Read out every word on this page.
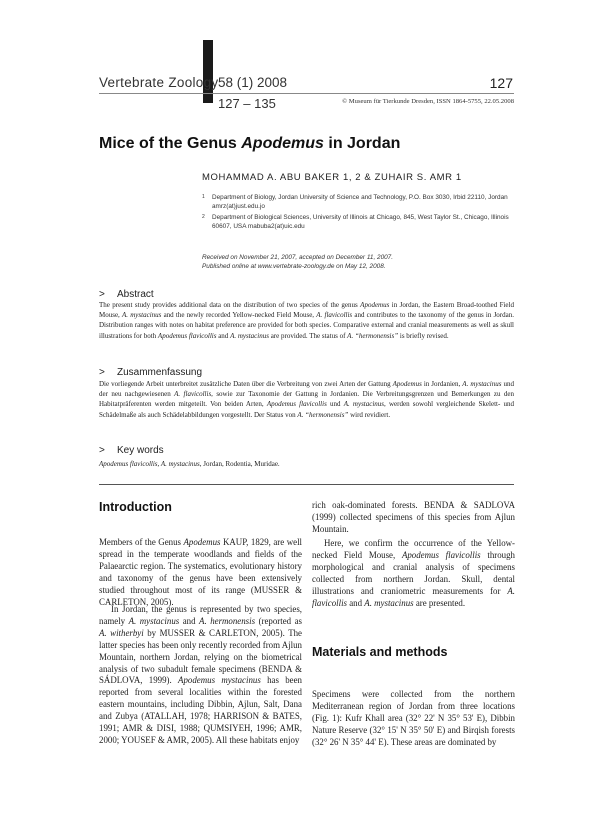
Vertebrate Zoology 58 (1) 2008	127
127 – 135	© Museum für Tierkunde Dresden, ISSN 1864-5755, 22.05.2008
Mice of the Genus Apodemus in Jordan
MOHAMMAD A. ABU BAKER 1, 2 & ZUHAIR S. AMR 1
1	Department of Biology, Jordan University of Science and Technology, P.O. Box 3030, Irbid 22110, Jordan amrz(at)just.edu.jo
2	Department of Biological Sciences, University of Illinois at Chicago, 845, West Taylor St., Chicago, Illinois 60607, USA mabuba2(at)uic.edu
Received on November 21, 2007, accepted on December 11, 2007.
Published online at www.vertebrate-zoology.de on May 12, 2008.
> Abstract
The present study provides additional data on the distribution of two species of the genus Apodemus in Jordan, the Eastern Broad-toothed Field Mouse, A. mystacinus and the newly recorded Yellow-necked Field Mouse, A. flavicollis and contributes to the taxonomy of the genus in Jordan. Distribution ranges with notes on habitat preference are provided for both species. Comparative external and cranial measurements as well as skull illustrations for both Apodemus flavicollis and A. mystacinus are provided. The status of A. “hermonensis” is briefly revised.
> Zusammenfassung
Die vorliegende Arbeit unterbreitet zusätzliche Daten über die Verbreitung von zwei Arten der Gattung Apodemus in Jordanien, A. mystacinus und der neu nachgewiesenen A. flavicollis, sowie zur Taxonomie der Gattung in Jordanien. Die Verbreitungsgrenzen und Bemerkungen zu den Habitatpräferenten werden mitgeteilt. Von beiden Arten, Apodemus flavicollis und A. mystacinus, werden sowohl vergleichende Skelett- und Schädelmaße als auch Schädelabbildungen vorgestellt. Der Status von A. “hermonensis” wird revidiert.
> Key words
Apodemus flavicollis, A. mystacinus, Jordan, Rodentia, Muridae.
Introduction
Members of the Genus Apodemus KAUP, 1829, are well spread in the temperate woodlands and fields of the Palaearctic region. The systematics, evolutionary history and taxonomy of the genus have been extensively studied throughout most of its range (MUSSER & CARLETON, 2005).
In Jordan, the genus is represented by two species, namely A. mystacinus and A. hermonensis (reported as A. witherbyi by MUSSER & CARLETON, 2005). The latter species has been only recently recorded from Ajlun Mountain, northern Jordan, relying on the biometrical analysis of two subadult female specimens (BENDA & SÁDLOVA, 1999). Apodemus mystacinus has been reported from several localities within the forested eastern mountains, including Dibbin, Ajlun, Salt, Dana and Zubya (ATALLAH, 1978; HARRISON & BATES, 1991; AMR & DISI, 1988; QUMSIYEH, 1996; AMR, 2000; YOUSEF & AMR, 2005). All these habitats enjoy
rich oak-dominated forests. BENDA & SADLOVA (1999) collected specimens of this species from Ajlun Mountain.
Here, we confirm the occurrence of the Yellow-necked Field Mouse, Apodemus flavicollis through morphological and cranial analysis of specimens collected from northern Jordan. Skull, dental illustrations and craniometric measurements for A. flavicollis and A. mystacinus are presented.
Materials and methods
Specimens were collected from the northern Mediterranean region of Jordan from three locations (Fig. 1): Kufr Khall area (32° 22' N 35° 53' E), Dibbin Nature Reserve (32° 15' N 35° 50' E) and Birqish forests (32° 26' N 35° 44' E). These areas are dominated by
